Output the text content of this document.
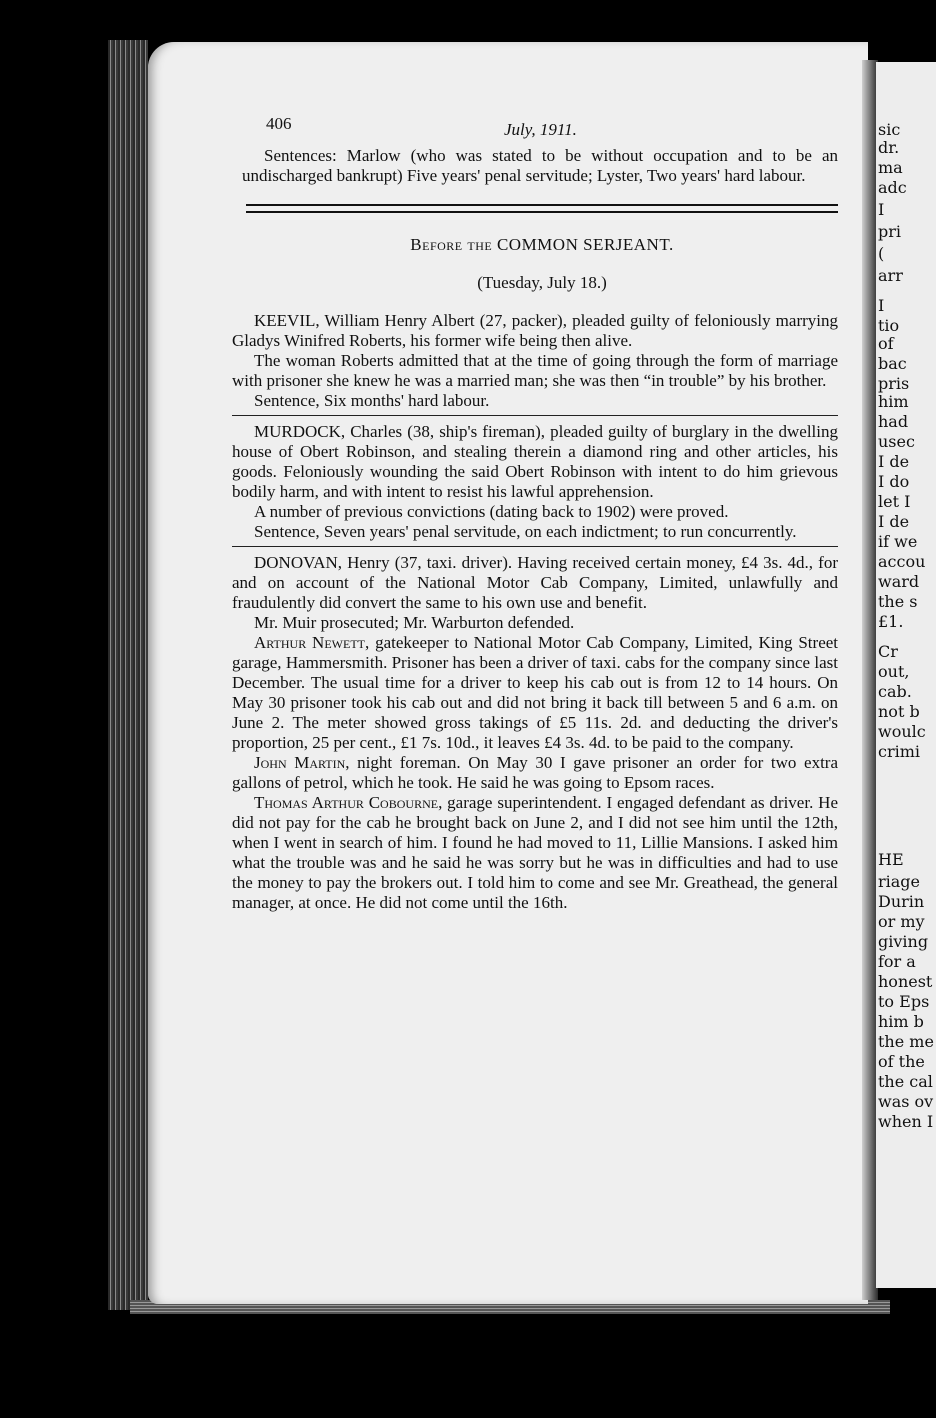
sic
dr.
ma
adc
I
pri
(
arr
I
tio
of
bac
pris
him
had
usec
I de
I do
let I
I de
if we
accou
ward
the s
£1.
Cr
out,
cab.
not b
woulc
crimi
HE
riage
Durin
or my
giving
for a
honest
to Eps
him b
the me
of the
the cal
was ov
when I
406	July, 1911.

Sentences: Marlow (who was stated to be without occupation and to be an undischarged bankrupt) Five years' penal servitude; Lyster, Two years' hard labour.

Before the COMMON SERJEANT.
(Tuesday, July 18.)

KEEVIL, William Henry Albert (27, packer), pleaded guilty of feloniously marrying Gladys Winifred Roberts, his former wife being then alive.

The woman Roberts admitted that at the time of going through the form of marriage with prisoner she knew he was a married man; she was then “in trouble” by his brother.

Sentence, Six months' hard labour.

MURDOCK, Charles (38, ship's fireman), pleaded guilty of burglary in the dwelling house of Obert Robinson, and stealing therein a diamond ring and other articles, his goods. Feloniously wounding the said Obert Robinson with intent to do him grievous bodily harm, and with intent to resist his lawful apprehension.

A number of previous convictions (dating back to 1902) were proved.

Sentence, Seven years' penal servitude, on each indictment; to run concurrently.

DONOVAN, Henry (37, taxi. driver). Having received certain money, £4 3s. 4d., for and on account of the National Motor Cab Company, Limited, unlawfully and fraudulently did convert the same to his own use and benefit.

Mr. Muir prosecuted; Mr. Warburton defended.

Arthur Newett, gatekeeper to National Motor Cab Company, Limited, King Street garage, Hammersmith. Prisoner has been a driver of taxi. cabs for the company since last December. The usual time for a driver to keep his cab out is from 12 to 14 hours. On May 30 prisoner took his cab out and did not bring it back till between 5 and 6 a.m. on June 2. The meter showed gross takings of £5 11s. 2d. and deducting the driver's proportion, 25 per cent., £1 7s. 10d., it leaves £4 3s. 4d. to be paid to the company.

John Martin, night foreman. On May 30 I gave prisoner an order for two extra gallons of petrol, which he took. He said he was going to Epsom races.

Thomas Arthur Cobourne, garage superintendent. I engaged defendant as driver. He did not pay for the cab he brought back on June 2, and I did not see him until the 12th, when I went in search of him. I found he had moved to 11, Lillie Mansions. I asked him what the trouble was and he said he was sorry but he was in difficulties and had to use the money to pay the brokers out. I told him to come and see Mr. Greathead, the general manager, at once. He did not come until the 16th.
